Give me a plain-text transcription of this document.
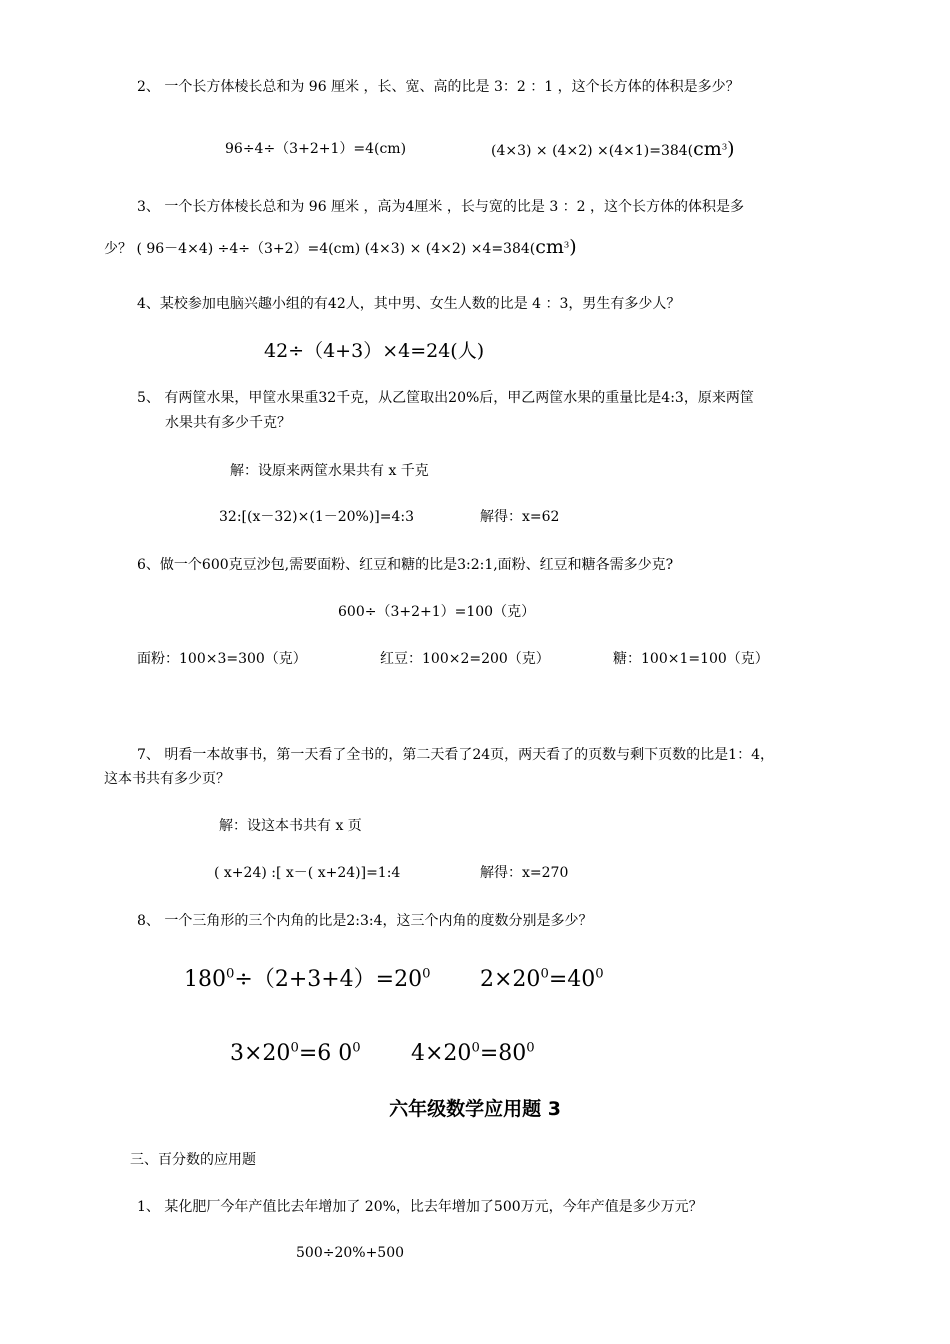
2、 一个长方体棱长总和为 96 厘米 ，长、宽、高的比是 3：2 ：1 ，这个长方体的体积是多少？
96÷4÷（3+2+1）=4(cm)	$(4\times 3) \times (4\times 2) \times(4\times 1)=384(cm^3)$
3、 一个长方体棱长总和为 96 厘米 ，高为4厘米 ，长与宽的比是 3 ：2 ，这个长方体的体积是多
少？ ( 96－4×4) ÷4÷（3+2）=4(cm) $(4\times 3) \times (4\times 2) \times 4=384(cm^3)$
4、某校参加电脑兴趣小组的有42人，其中男、女生人数的比是 4 ：3，男生有多少人？
42÷（4+3）×4=24(人)
5、 有两筐水果，甲筐水果重32千克，从乙筐取出20%后，甲乙两筐水果的重量比是4:3，原来两筐
水果共有多少千克？
解：设原来两筐水果共有 x 千克
32:[(x－32)×(1－20%)]=4:3	解得：x=62
6、做一个600克豆沙包,需要面粉、红豆和糖的比是3:2:1,面粉、红豆和糖各需多少克?
600÷（3+2+1）=100（克）
面粉：100×3=300（克）	红豆：100×2=200（克）	糖：100×1=100（克）
7、 明看一本故事书，第一天看了全书的，第二天看了24页，两天看了的页数与剩下页数的比是1：4，
这本书共有多少页？
解：设这本书共有 x 页
( x+24) :[ x－( x+24)]=1:4	解得：x=270
8、 一个三角形的三个内角的比是2:3:4，这三个内角的度数分别是多少？
$180^0\div(2+3+4)=20^0$ $2\times 20^0=40^0$
$3\times 20^0=6$ $0^0$ $4\times 20^0=80^0$
六年级数学应用题 3
三、百分数的应用题
1、 某化肥厂今年产值比去年增加了 20%，比去年增加了500万元，今年产值是多少万元？
500÷20%+500
